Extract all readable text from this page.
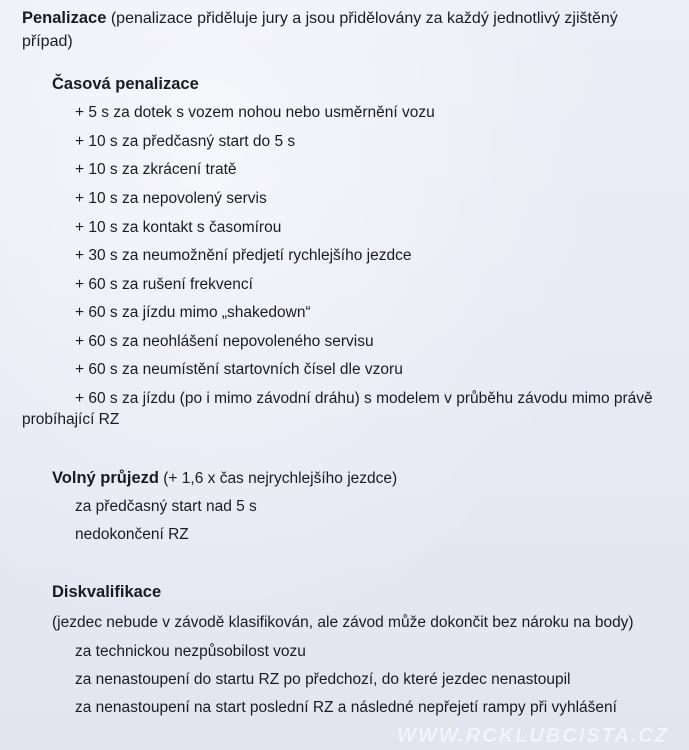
Penalizace (penalizace přiděluje jury a jsou přidělovány za každý jednotlivý zjištěný případ)
Časová penalizace
+ 5 s za dotek s vozem nohou nebo usměrnění vozu
+ 10 s za předčasný start do 5 s
+ 10 s za zkrácení tratě
+ 10 s za nepovolený servis
+ 10 s za kontakt s časomírou
+ 30 s za neumožnění předjetí rychlejšího jezdce
+ 60 s za rušení frekvencí
+ 60 s za jízdu mimo „shakedown“
+ 60 s za neohlášení nepovoleného servisu
+ 60 s za neumístění startovních čísel dle vzoru
+ 60 s za jízdu (po i mimo závodní dráhu) s modelem v průběhu závodu mimo právě
probíhající RZ
Volný průjezd (+ 1,6 x čas nejrychlejšího jezdce)
za předčasný start nad 5 s
nedokončení RZ
Diskvalifikace
(jezdec nebude v závodě klasifikován, ale závod může dokončit bez nároku na body)
za technickou nezpůsobilost vozu
za nenastoupení do startu RZ po předchozí, do které jezdec nenastoupil
za nenastoupení na start poslední RZ a následné nepřejetí rampy při vyhlášení
WWW.RCKLUBCISTA.CZ
